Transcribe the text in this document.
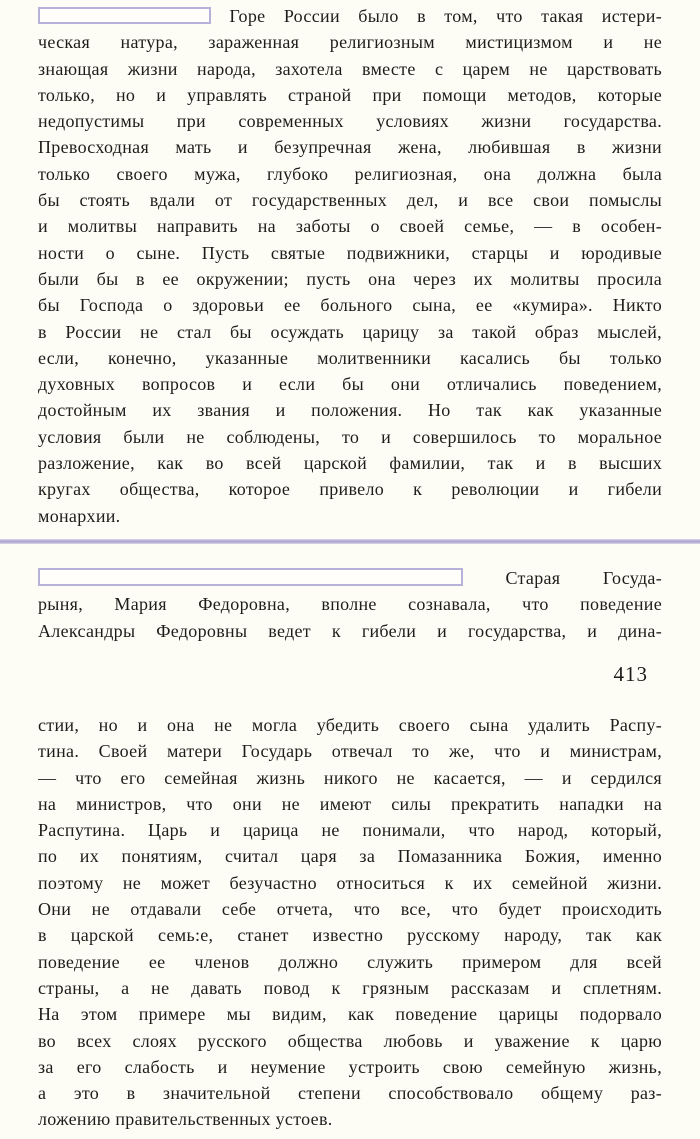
Горе России было в том, что такая истери-
ческая натура, зараженная религиозным мистицизмом и не
знающая жизни народа, захотела вместе с царем не царствовать
только, но и управлять страной при помощи методов, которые
недопустимы при современных условиях жизни государства.
Превосходная мать и безупречная жена, любившая в жизни
только своего мужа, глубоко религиозная, она должна была
бы стоять вдали от государственных дел, и все свои помыслы
и молитвы направить на заботы о своей семье, — в особен-
ности о сыне. Пусть святые подвижники, старцы и юродивые
были бы в ее окружении; пусть она через их молитвы просила
бы Господа о здоровьи ее больного сына, ее «кумира». Никто
в России не стал бы осуждать царицу за такой образ мыслей,
если, конечно, указанные молитвенники касались бы только
духовных вопросов и если бы они отличались поведением,
достойным их звания и положения. Но так как указанные
условия были не соблюдены, то и совершилось то моральное
разложение, как во всей царской фамилии, так и в высших
кругах общества, которое привело к революции и гибели
монархии.
Старая Госуда-
рыня, Мария Федоровна, вполне сознавала, что поведение
Александры Федоровны ведет к гибели и государства, и дина-
413
стии, но и она не могла убедить своего сына удалить Распу-
тина. Своей матери Государь отвечал то же, что и министрам,
— что его семейная жизнь никого не касается, — и сердился
на министров, что они не имеют силы прекратить нападки на
Распутина. Царь и царица не понимали, что народ, который,
по их понятиям, считал царя за Помазанника Божия, именно
поэтому не может безучастно относиться к их семейной жизни.
Они не отдавали себе отчета, что все, что будет происходить
в царской семь:е, станет известно русскому народу, так как
поведение ее членов должно служить примером для всей
страны, а не давать повод к грязным рассказам и сплетням.
На этом примере мы видим, как поведение царицы подорвало
во всех слоях русского общества любовь и уважение к царю
за его слабость и неумение устроить свою семейную жизнь,
а это в значительной степени способствовало общему раз-
ложению правительственных устоев.
